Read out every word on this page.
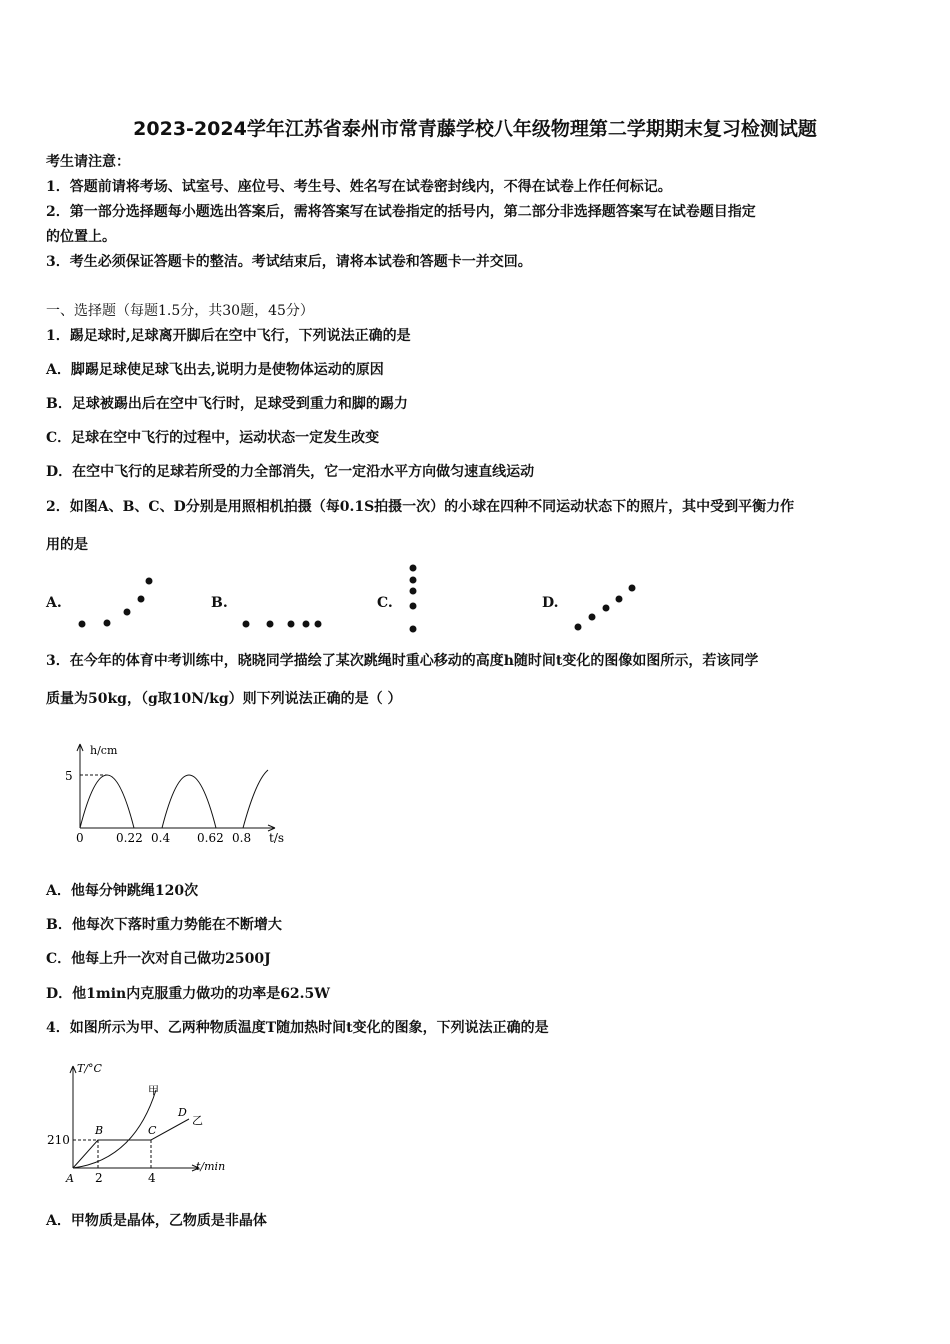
2023-2024学年江苏省泰州市常青藤学校八年级物理第二学期期末复习检测试题
考生请注意：
1．答题前请将考场、试室号、座位号、考生号、姓名写在试卷密封线内，不得在试卷上作任何标记。
2．第一部分选择题每小题选出答案后，需将答案写在试卷指定的括号内，第二部分非选择题答案写在试卷题目指定
的位置上。
3．考生必须保证答题卡的整洁。考试结束后，请将本试卷和答题卡一并交回。
一、选择题（每题1.5分，共30题，45分）
1．踢足球时,足球离开脚后在空中飞行，下列说法正确的是
A．脚踢足球使足球飞出去,说明力是使物体运动的原因
B．足球被踢出后在空中飞行时，足球受到重力和脚的踢力
C．足球在空中飞行的过程中，运动状态一定发生改变
D．在空中飞行的足球若所受的力全部消失，它一定沿水平方向做匀速直线运动
2．如图A、B、C、D分别是用照相机拍摄（每0.1S拍摄一次）的小球在四种不同运动状态下的照片，其中受到平衡力作
用的是
A.	B.	C.	D.
3．在今年的体育中考训练中，晓晓同学描绘了某次跳绳时重心移动的高度h随时间t变化的图像如图所示，若该同学
质量为50kg，（g取10N/kg）则下列说法正确的是（ ）
h/cm
5
0	0.22 0.4 0.62 0.8 t/s
A．他每分钟跳绳120次
B．他每次下落时重力势能在不断增大
C．他每上升一次对自己做功2500J
D．他1min内克服重力做功的功率是62.5W
4．如图所示为甲、乙两种物质温度T随加热时间t变化的图象，下列说法正确的是
T/°C
210
2	4
t/min
A
B	C
D
甲
乙
A．甲物质是晶体，乙物质是非晶体
